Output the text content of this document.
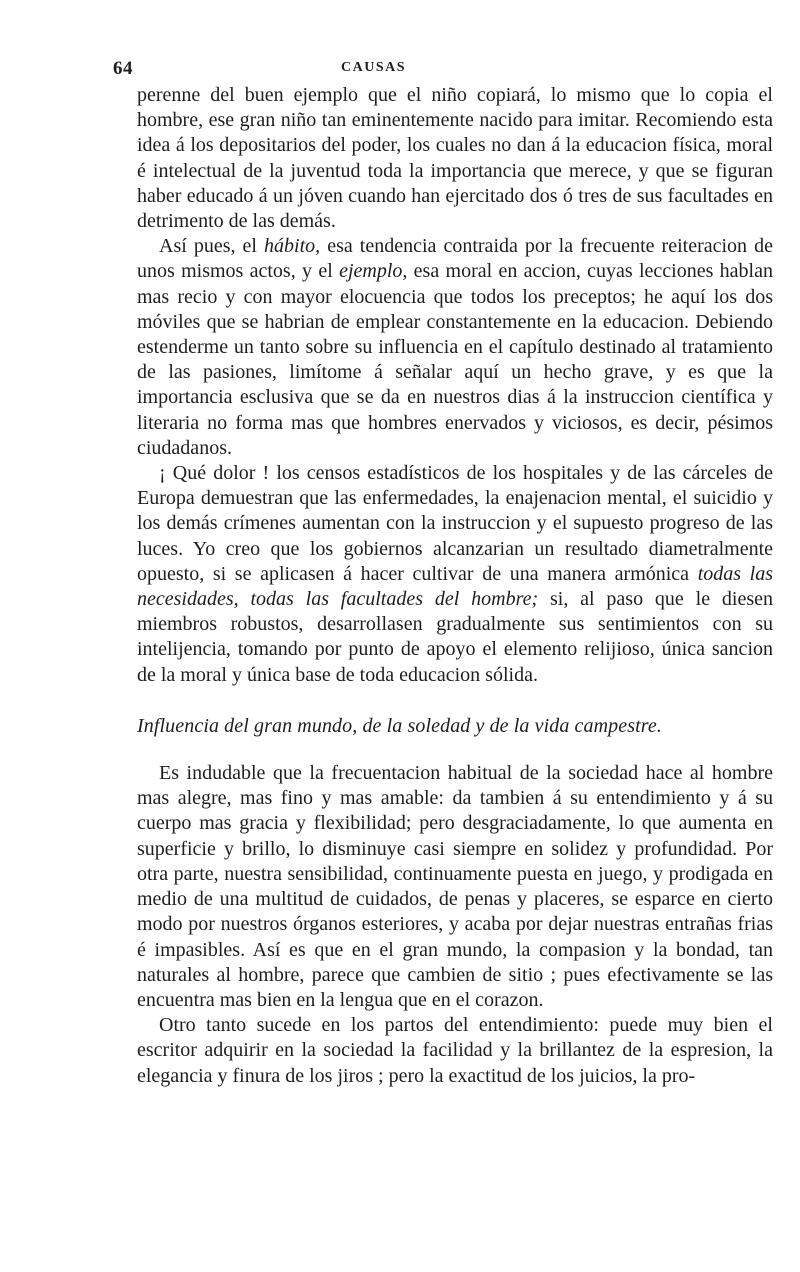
64	CAUSAS

perenne del buen ejemplo que el niño copiará, lo mismo que lo copia el hombre, ese gran niño tan eminentemente nacido para imitar. Recomiendo esta idea á los depositarios del poder, los cuales no dan á la educacion física, moral é intelectual de la juventud toda la importancia que merece, y que se figuran haber educado á un jóven cuando han ejercitado dos ó tres de sus facultades en detrimento de las demás.

Así pues, el hábito, esa tendencia contraida por la frecuente reiteracion de unos mismos actos, y el ejemplo, esa moral en accion, cuyas lecciones hablan mas recio y con mayor elocuencia que todos los preceptos; he aquí los dos móviles que se habrian de emplear constantemente en la educacion. Debiendo estenderme un tanto sobre su influencia en el capítulo destinado al tratamiento de las pasiones, limítome á señalar aquí un hecho grave, y es que la importancia esclusiva que se da en nuestros dias á la instruccion científica y literaria no forma mas que hombres enervados y viciosos, es decir, pésimos ciudadanos.

¡ Qué dolor ! los censos estadísticos de los hospitales y de las cárceles de Europa demuestran que las enfermedades, la enajenacion mental, el suicidio y los demás crímenes aumentan con la instruccion y el supuesto progreso de las luces. Yo creo que los gobiernos alcanzarian un resultado diametralmente opuesto, si se aplicasen á hacer cultivar de una manera armónica todas las necesidades, todas las facultades del hombre; si, al paso que le diesen miembros robustos, desarrollasen gradualmente sus sentimientos con su intelijencia, tomando por punto de apoyo el elemento relijioso, única sancion de la moral y única base de toda educacion sólida.

Influencia del gran mundo, de la soledad y de la vida campestre.

Es indudable que la frecuentacion habitual de la sociedad hace al hombre mas alegre, mas fino y mas amable: da tambien á su entendimiento y á su cuerpo mas gracia y flexibilidad; pero desgraciadamente, lo que aumenta en superficie y brillo, lo disminuye casi siempre en solidez y profundidad. Por otra parte, nuestra sensibilidad, continuamente puesta en juego, y prodigada en medio de una multitud de cuidados, de penas y placeres, se esparce en cierto modo por nuestros órganos esteriores, y acaba por dejar nuestras entrañas frias é impasibles. Así es que en el gran mundo, la compasion y la bondad, tan naturales al hombre, parece que cambien de sitio ; pues efectivamente se las encuentra mas bien en la lengua que en el corazon.

Otro tanto sucede en los partos del entendimiento: puede muy bien el escritor adquirir en la sociedad la facilidad y la brillantez de la espresion, la elegancia y finura de los jiros ; pero la exactitud de los juicios, la pro-
